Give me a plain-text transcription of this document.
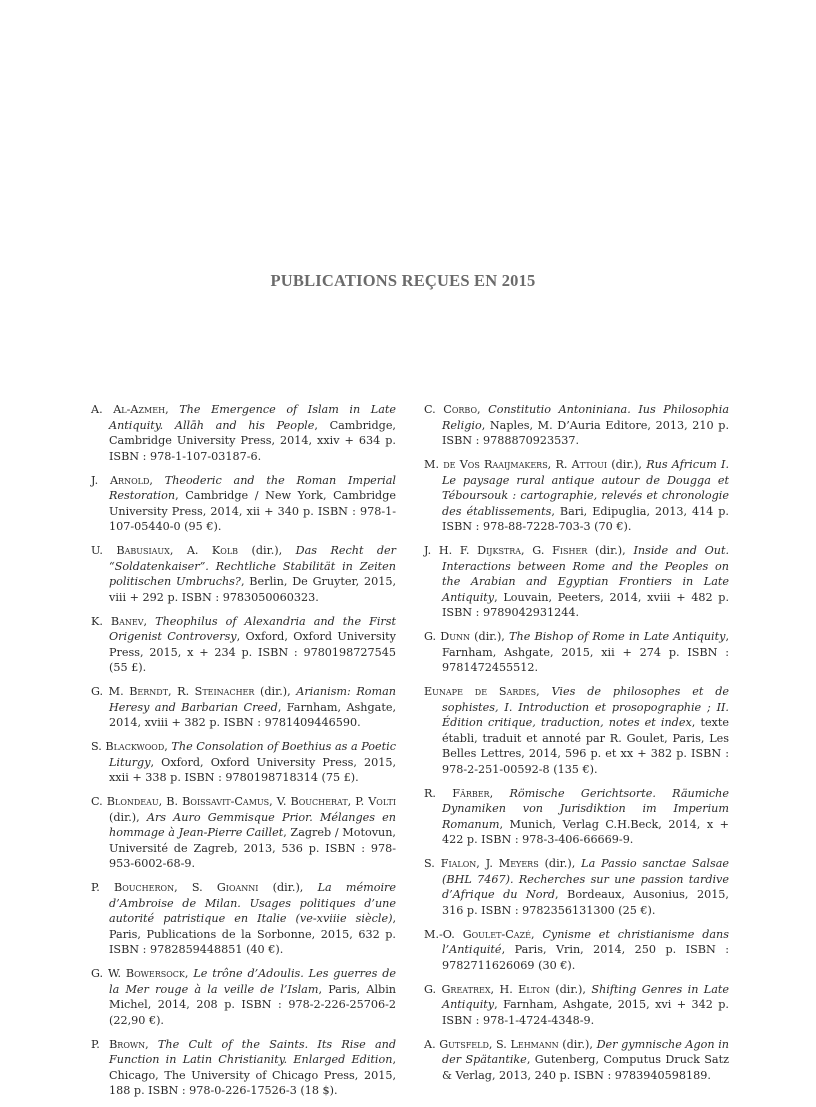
PUBLICATIONS REÇUES EN 2015

A. Al-Azmeh, The Emergence of Islam in Late Antiquity. Allāh and his People, Cambridge, Cambridge University Press, 2014, xxiv + 634 p. ISBN : 978-1-107-03187-6.

J. Arnold, Theoderic and the Roman Imperial Restoration, Cambridge / New York, Cambridge University Press, 2014, xii + 340 p. ISBN : 978-1-107-05440-0 (95 €).

U. Babusiaux, A. Kolb (dir.), Das Recht der “Soldatenkaiser”. Rechtliche Stabilität in Zeiten politischen Umbruchs?, Berlin, De Gruyter, 2015, viii + 292 p. ISBN : 9783050060323.

K. Banev, Theophilus of Alexandria and the First Origenist Controversy, Oxford, Oxford University Press, 2015, x + 234 p. ISBN : 9780198727545 (55 £).

G. M. Berndt, R. Steinacher (dir.), Arianism: Roman Heresy and Barbarian Creed, Farnham, Ashgate, 2014, xviii + 382 p. ISBN : 9781409446590.

S. Blackwood, The Consolation of Boethius as a Poetic Liturgy, Oxford, Oxford University Press, 2015, xxii + 338 p. ISBN : 9780198718314 (75 £).

C. Blondeau, B. Boissavit-Camus, V. Boucherat, P. Volti (dir.), Ars Auro Gemmisque Prior. Mélanges en hommage à Jean-Pierre Caillet, Zagreb / Motovun, Université de Zagreb, 2013, 536 p. ISBN : 978-953-6002-68-9.

P. Boucheron, S. Gioanni (dir.), La mémoire d’Ambroise de Milan. Usages politiques d’une autorité patristique en Italie (ve-xviiie siècle), Paris, Publications de la Sorbonne, 2015, 632 p. ISBN : 9782859448851 (40 €).

G. W. Bowersock, Le trône d’Adoulis. Les guerres de la Mer rouge à la veille de l’Islam, Paris, Albin Michel, 2014, 208 p. ISBN : 978-2-226-25706-2 (22,90 €).

P. Brown, The Cult of the Saints. Its Rise and Function in Latin Christianity. Enlarged Edition, Chicago, The University of Chicago Press, 2015, 188 p. ISBN : 978-0-226-17526-3 (18 $).

C. Corbo, Constitutio Antoniniana. Ius Philosophia Religio, Naples, M. D’Auria Editore, 2013, 210 p. ISBN : 9788870923537.

M. de Vos Raaijmakers, R. Attoui (dir.), Rus Africum I. Le paysage rural antique autour de Dougga et Téboursouk : cartographie, relevés et chronologie des établissements, Bari, Edipuglia, 2013, 414 p. ISBN : 978-88-7228-703-3 (70 €).

J. H. F. Dijkstra, G. Fisher (dir.), Inside and Out. Interactions between Rome and the Peoples on the Arabian and Egyptian Frontiers in Late Antiquity, Louvain, Peeters, 2014, xviii + 482 p. ISBN : 9789042931244.

G. Dunn (dir.), The Bishop of Rome in Late Antiquity, Farnham, Ashgate, 2015, xii + 274 p. ISBN : 9781472455512.

Eunape de Sardes, Vies de philosophes et de sophistes, I. Introduction et prosopographie ; II. Édition critique, traduction, notes et index, texte établi, traduit et annoté par R. Goulet, Paris, Les Belles Lettres, 2014, 596 p. et xx + 382 p. ISBN : 978-2-251-00592-8 (135 €).

R. Färber, Römische Gerichtsorte. Räumiche Dynamiken von Jurisdiktion im Imperium Romanum, Munich, Verlag C.H.Beck, 2014, x + 422 p. ISBN : 978-3-406-66669-9.

S. Fialon, J. Meyers (dir.), La Passio sanctae Salsae (BHL 7467). Recherches sur une passion tardive d’Afrique du Nord, Bordeaux, Ausonius, 2015, 316 p. ISBN : 9782356131300 (25 €).

M.-O. Goulet-Cazé, Cynisme et christianisme dans l’Antiquité, Paris, Vrin, 2014, 250 p. ISBN : 9782711626069 (30 €).

G. Greatrex, H. Elton (dir.), Shifting Genres in Late Antiquity, Farnham, Ashgate, 2015, xvi + 342 p. ISBN : 978-1-4724-4348-9.

A. Gutsfeld, S. Lehmann (dir.), Der gymnische Agon in der Spätantike, Gutenberg, Computus Druck Satz & Verlag, 2013, 240 p. ISBN : 9783940598189.
